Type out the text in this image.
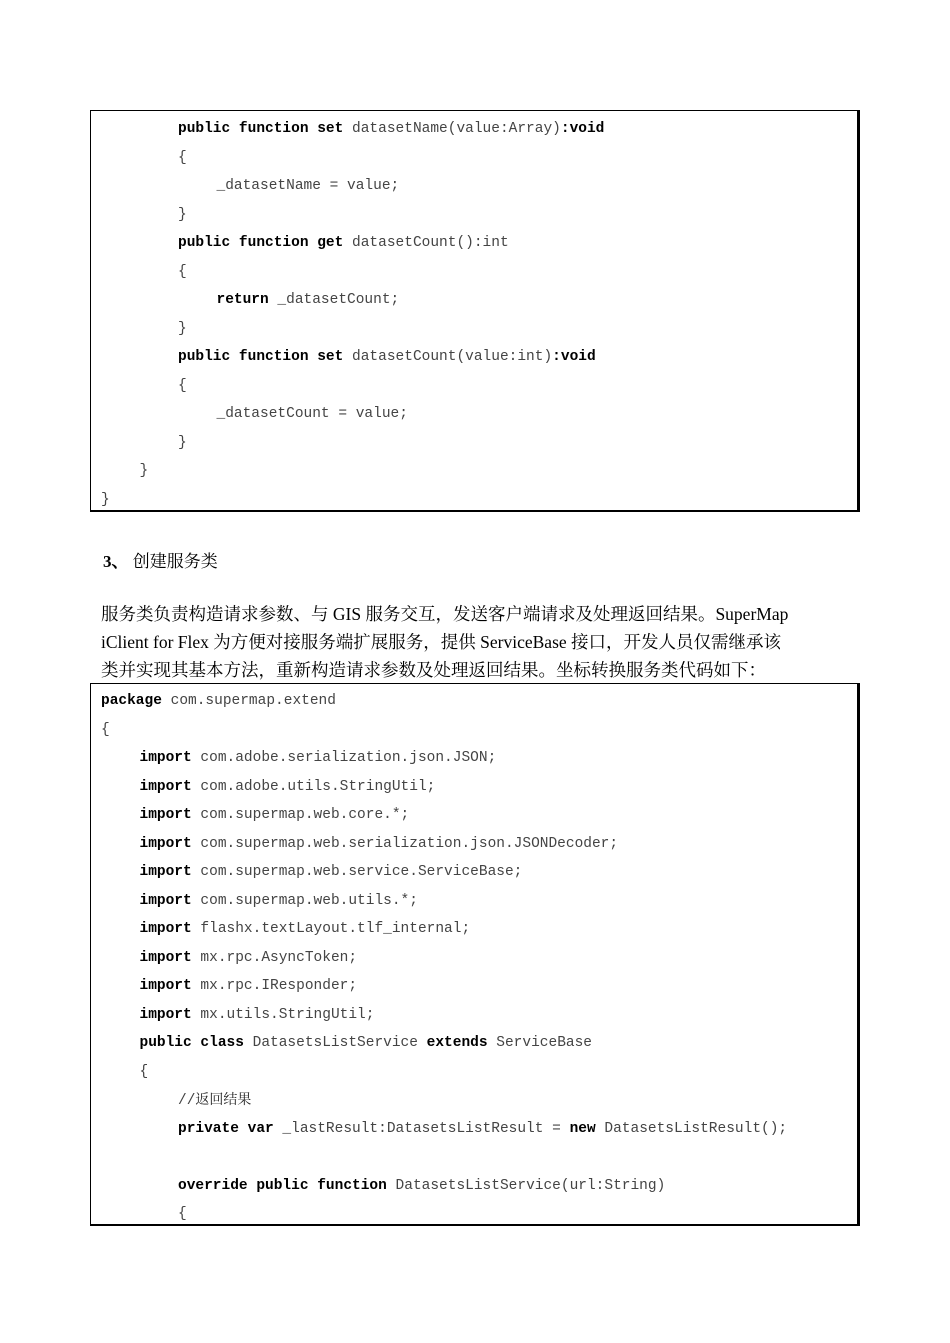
public function set datasetName(value:Array):void
{
_datasetName = value;
}
public function get datasetCount():int
{
return _datasetCount;
}
public function set datasetCount(value:int):void
{
_datasetCount = value;
}
}
}
3、 创建服务类
服务类负责构造请求参数、与 GIS 服务交互，发送客户端请求及处理返回结果。SuperMap
iClient for Flex 为方便对接服务端扩展服务，提供 ServiceBase 接口，开发人员仅需继承该
类并实现其基本方法，重新构造请求参数及处理返回结果。坐标转换服务类代码如下：
package com.supermap.extend
{
import com.adobe.serialization.json.JSON;
import com.adobe.utils.StringUtil;
import com.supermap.web.core.*;
import com.supermap.web.serialization.json.JSONDecoder;
import com.supermap.web.service.ServiceBase;
import com.supermap.web.utils.*;
import flashx.textLayout.tlf_internal;
import mx.rpc.AsyncToken;
import mx.rpc.IResponder;
import mx.utils.StringUtil;
public class DatasetsListService extends ServiceBase
{
//返回结果
private var _lastResult:DatasetsListResult = new DatasetsListResult();
override public function DatasetsListService(url:String)
{
